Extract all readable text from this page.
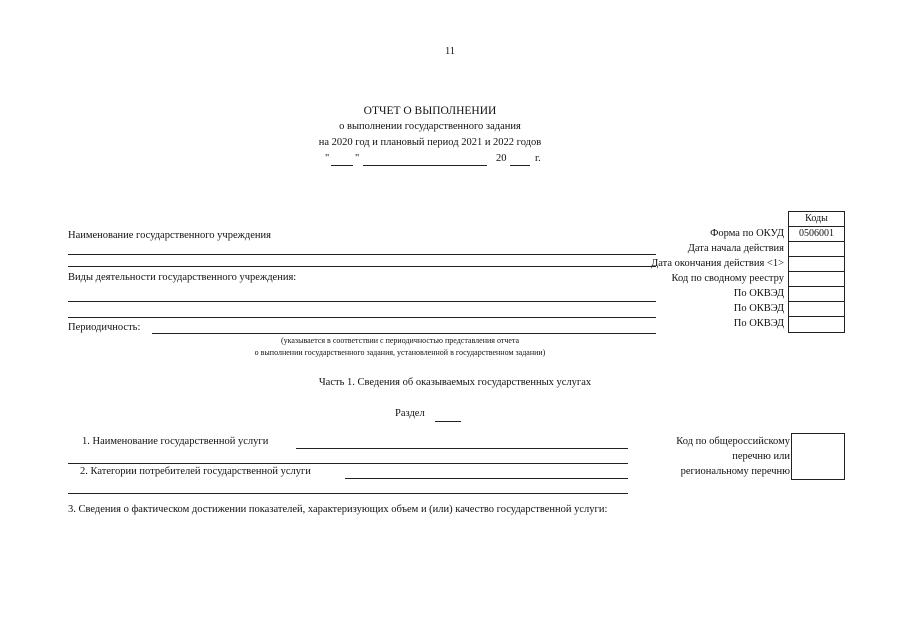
11
ОТЧЕТ О ВЫПОЛНЕНИИ
о выполнении государственного задания
на 2020 год и плановый период 2021 и 2022 годов
" "	20	г.
Коды
0506001
Форма по ОКУД
Дата начала действия
Дата окончания действия <1>
Код по сводному реестру
По ОКВЭД
По ОКВЭД
По ОКВЭД
Наименование государственного учреждения
Виды деятельности государственного учреждения:
Периодичность:
(указывается в соответствии с периодичностью представления отчета
о выполнении государственного задания, установленной в государственном задании)
Часть 1. Сведения об оказываемых государственных услугах
Раздел
1. Наименование государственной услуги
2. Категории потребителей государственной услуги
Код по общероссийскому
перечню или
региональному перечню
3. Сведения о фактическом достижении показателей, характеризующих объем и (или) качество государственной услуги:
